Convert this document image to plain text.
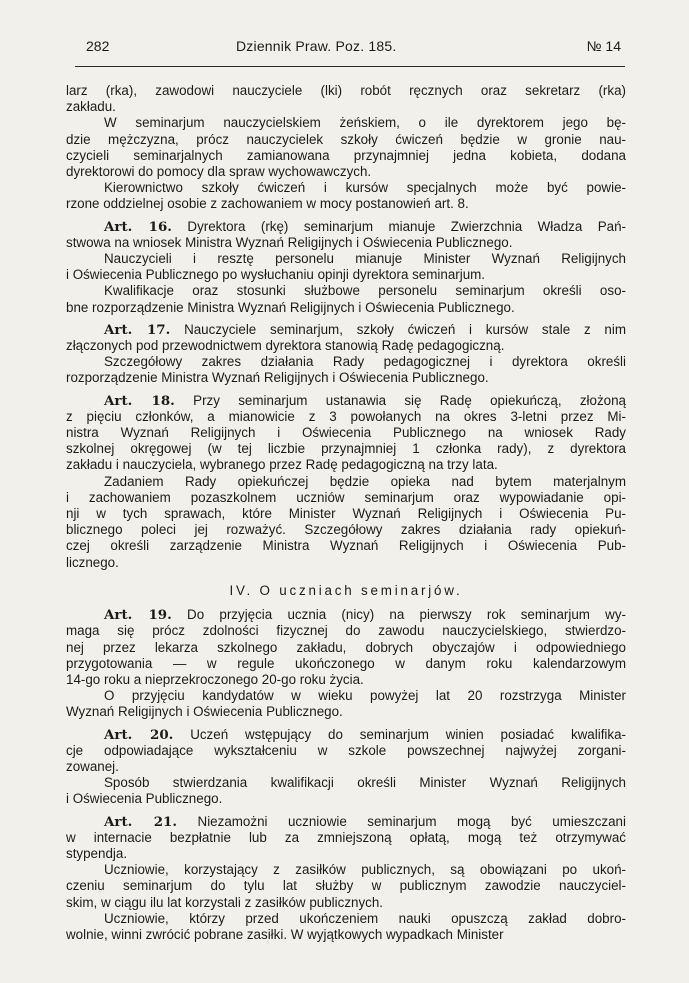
282	Dziennik Praw. Poz. 185.	№ 14
larz (rka), zawodowi nauczyciele (lki) robót ręcznych oraz sekretarz (rka)
zakładu.
W seminarjum nauczycielskiem żeńskiem, o ile dyrektorem jego bę-
dzie mężczyzna, prócz nauczycielek szkoły ćwiczeń będzie w gronie nau-
czycieli seminarjalnych zamianowana przynajmniej jedna kobieta, dodana
dyrektorowi do pomocy dla spraw wychowawczych.
Kierownictwo szkoły ćwiczeń i kursów specjalnych może być powie-
rzone oddzielnej osobie z zachowaniem w mocy postanowień art. 8.
Art. 16. Dyrektora (rkę) seminarjum mianuje Zwierzchnia Władza Pań-
stwowa na wniosek Ministra Wyznań Religijnych i Oświecenia Publicznego.
Nauczycieli i resztę personelu mianuje Minister Wyznań Religijnych
i Oświecenia Publicznego po wysłuchaniu opinji dyrektora seminarjum.
Kwalifikacje oraz stosunki służbowe personelu seminarjum określi oso-
bne rozporządzenie Ministra Wyznań Religijnych i Oświecenia Publicznego.
Art. 17. Nauczyciele seminarjum, szkoły ćwiczeń i kursów stale z nim
złączonych pod przewodnictwem dyrektora stanowią Radę pedagogiczną.
Szczegółowy zakres działania Rady pedagogicznej i dyrektora określi
rozporządzenie Ministra Wyznań Religijnych i Oświecenia Publicznego.
Art. 18. Przy seminarjum ustanawia się Radę opiekuńczą, złożoną
z pięciu członków, a mianowicie z 3 powołanych na okres 3-letni przez Mi-
nistra Wyznań Religijnych i Oświecenia Publicznego na wniosek Rady
szkolnej okręgowej (w tej liczbie przynajmniej 1 członka rady), z dyrektora
zakładu i nauczyciela, wybranego przez Radę pedagogiczną na trzy lata.
Zadaniem Rady opiekuńczej będzie opieka nad bytem materjalnym
i zachowaniem pozaszkolnem uczniów seminarjum oraz wypowiadanie opi-
nji w tych sprawach, które Minister Wyznań Religijnych i Oświecenia Pu-
blicznego poleci jej rozważyć. Szczegółowy zakres działania rady opiekuń-
czej określi zarządzenie Ministra Wyznań Religijnych i Oświecenia Pub-
licznego.
IV. O uczniach seminarjów.
Art. 19. Do przyjęcia ucznia (nicy) na pierwszy rok seminarjum wy-
maga się prócz zdolności fizycznej do zawodu nauczycielskiego, stwierdzo-
nej przez lekarza szkolnego zakładu, dobrych obyczajów i odpowiedniego
przygotowania — w regule ukończonego w danym roku kalendarzowym
14-go roku a nieprzekroczonego 20-go roku życia.
O przyjęciu kandydatów w wieku powyżej lat 20 rozstrzyga Minister
Wyznań Religijnych i Oświecenia Publicznego.
Art. 20. Uczeń wstępujący do seminarjum winien posiadać kwalifika-
cje odpowiadające wykształceniu w szkole powszechnej najwyżej zorgani-
zowanej.
Sposób stwierdzania kwalifikacji określi Minister Wyznań Religijnych
i Oświecenia Publicznego.
Art. 21. Niezamożni uczniowie seminarjum mogą być umieszczani
w internacie bezpłatnie lub za zmniejszoną opłatą, mogą też otrzymywać
stypendja.
Uczniowie, korzystający z zasiłków publicznych, są obowiązani po ukoń-
czeniu seminarjum do tylu lat służby w publicznym zawodzie nauczyciel-
skim, w ciągu ilu lat korzystali z zasiłków publicznych.
Uczniowie, którzy przed ukończeniem nauki opuszczą zakład dobro-
wolnie, winni zwrócić pobrane zasiłki. W wyjątkowych wypadkach Minister
